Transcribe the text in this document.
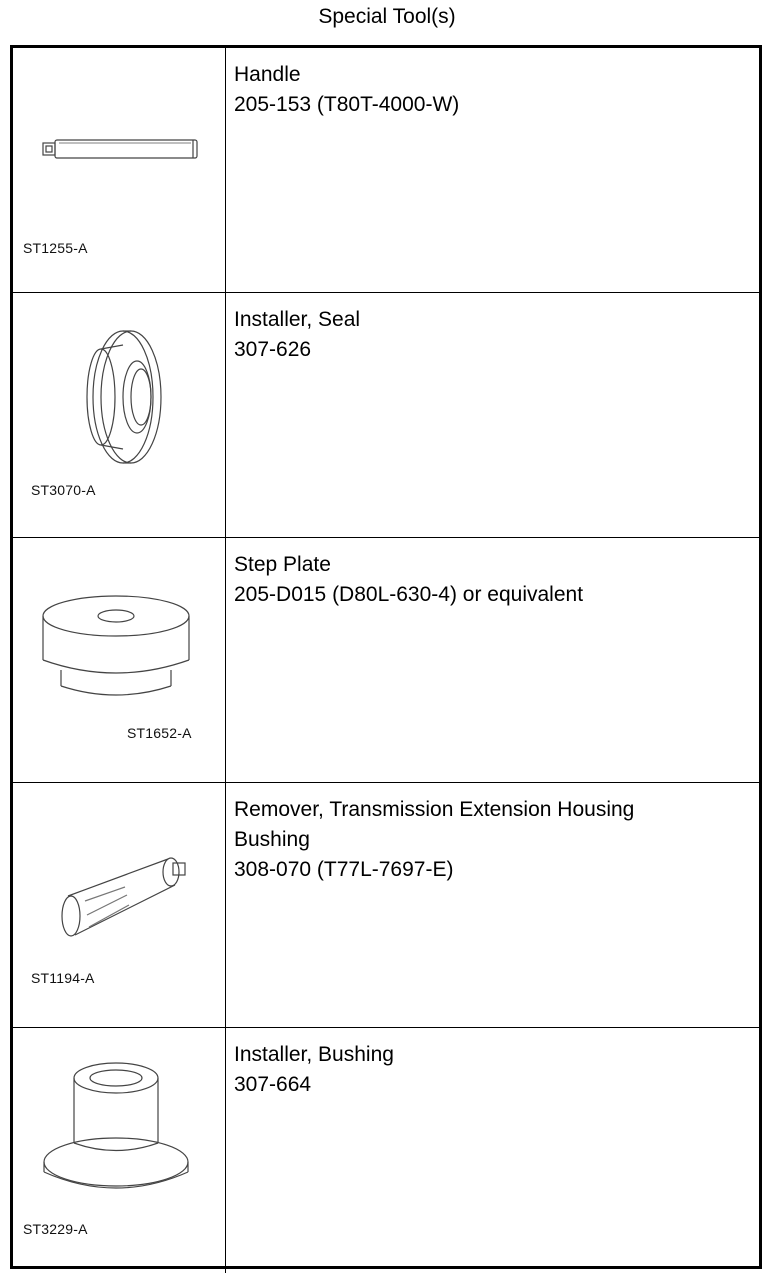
Special Tool(s)
ST1255-A
Handle
205-153 (T80T-4000-W)
ST3070-A
Installer, Seal
307-626
ST1652-A
Step Plate
205-D015 (D80L-630-4) or equivalent
ST1194-A
Remover, Transmission Extension Housing
Bushing
308-070 (T77L-7697-E)
ST3229-A
Installer, Bushing
307-664
